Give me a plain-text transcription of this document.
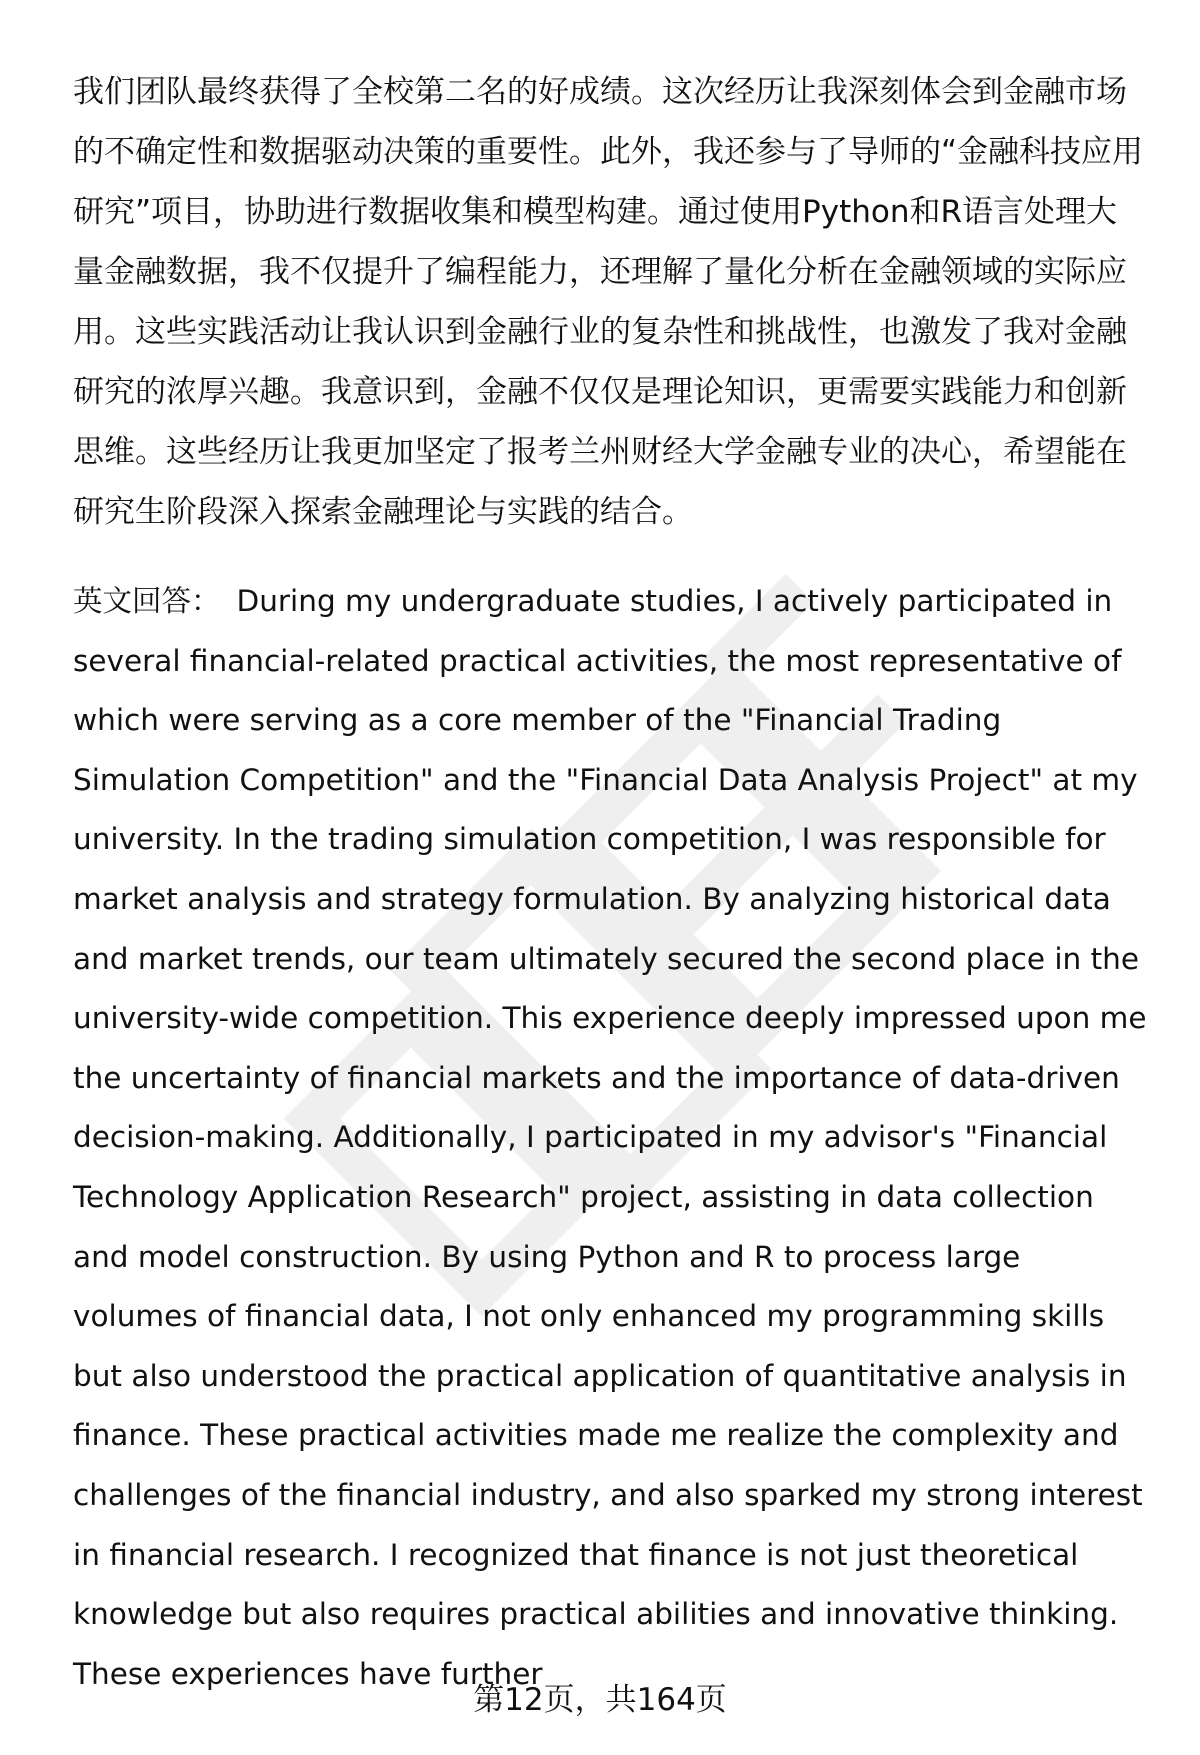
我们团队最终获得了全校第二名的好成绩。这次经历让我深刻体会到金融市场的不确定性和数据驱动决策的重要性。此外，我还参与了导师的“金融科技应用研究”项目，协助进行数据收集和模型构建。通过使用Python和R语言处理大量金融数据，我不仅提升了编程能力，还理解了量化分析在金融领域的实际应用。这些实践活动让我认识到金融行业的复杂性和挑战性，也激发了我对金融研究的浓厚兴趣。我意识到，金融不仅仅是理论知识，更需要实践能力和创新思维。这些经历让我更加坚定了报考兰州财经大学金融专业的决心，希望能在研究生阶段深入探索金融理论与实践的结合。

英文回答： During my undergraduate studies, I actively participated in several financial-related practical activities, the most representative of which were serving as a core member of the "Financial Trading Simulation Competition" and the "Financial Data Analysis Project" at my university. In the trading simulation competition, I was responsible for market analysis and strategy formulation. By analyzing historical data and market trends, our team ultimately secured the second place in the university-wide competition. This experience deeply impressed upon me the uncertainty of financial markets and the importance of data-driven decision-making. Additionally, I participated in my advisor's "Financial Technology Application Research" project, assisting in data collection and model construction. By using Python and R to process large volumes of financial data, I not only enhanced my programming skills but also understood the practical application of quantitative analysis in finance. These practical activities made me realize the complexity and challenges of the financial industry, and also sparked my strong interest in financial research. I recognized that finance is not just theoretical knowledge but also requires practical abilities and innovative thinking. These experiences have further

第12页，共164页
